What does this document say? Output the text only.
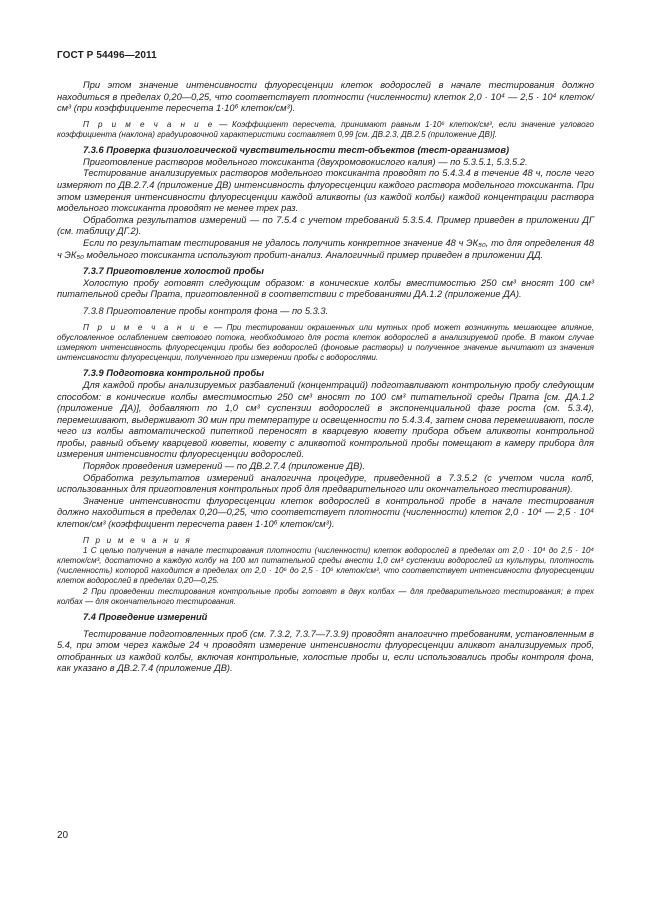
ГОСТ Р 54496—2011

При этом значение интенсивности флуоресценции клеток водорослей в начале тестирования должно находиться в пределах 0,20—0,25, что соответствует плотности (численности) клеток 2,0 · 10⁴ — 2,5 · 10⁴ клеток/см³ (при коэффициенте пересчета 1·10⁶ клеток/см³).

П р и м е ч а н и е — Коэффициент пересчета, принимают равным 1·10⁶ клеток/см³, если значение углового коэффициента (наклона) градуировочной характеристики составляет 0,99 [см. ДВ.2.3, ДВ.2.5 (приложение ДВ)].

7.3.6 Проверка физиологической чувствительности тест-объектов (тест-организмов)

Приготовление растворов модельного токсиканта (двухромовокислого калия) — по 5.3.5.1, 5.3.5.2.

Тестирование анализируемых растворов модельного токсиканта проводят по 5.4.3.4 в течение 48 ч, после чего измеряют по ДВ.2.7.4 (приложение ДВ) интенсивность флуоресценции каждого раствора модельного токсиканта. При этом измерения интенсивности флуоресценции каждой аликвоты (из каждой колбы) каждой концентрации раствора модельного токсиканта проводят не менее трех раз.

Обработка результатов измерений — по 7.5.4 с учетом требований 5.3.5.4. Пример приведен в приложении ДГ (см. таблицу ДГ.2).

Если по результатам тестирования не удалось получить конкретное значение 48 ч ЭК₅₀, то для определения 48 ч ЭК₅₀ модельного токсиканта используют пробит-анализ. Аналогичный пример приведен в приложении ДД.

7.3.7 Приготовление холостой пробы

Холостую пробу готовят следующим образом: в конические колбы вместимостью 250 см³ вносят 100 см³ питательной среды Прата, приготовленной в соответствии с требованиями ДА.1.2 (приложение ДА).

7.3.8 Приготовление пробы контроля фона — по 5.3.3.

П р и м е ч а н и е — При тестировании окрашенных или мутных проб может возникнуть мешающее влияние, обусловленное ослаблением светового потока, необходимого для роста клеток водорослей в анализируемой пробе. В таком случае измеряют интенсивность флуоресценции пробы без водорослей (фоновые растворы) и полученное значение вычитают из значения интенсивности флуоресценции, полученного при измерении пробы с водорослями.

7.3.9 Подготовка контрольной пробы

Для каждой пробы анализируемых разбавлений (концентраций) подготавливают контрольную пробу следующим способом: в конические колбы вместимостью 250 см³ вносят по 100 см³ питательной среды Прата [см. ДА.1.2 (приложение ДА)], добавляют по 1,0 см³ суспензии водорослей в экспоненциальной фазе роста (см. 5.3.4), перемешивают, выдерживают 30 мин при температуре и освещенности по 5.4.3.4, затем снова перемешивают, после чего из колбы автоматической пипеткой переносят в кварцевую кювету прибора объем аликвоты контрольной пробы, равный объему кварцевой кюветы, кювету с аликвотой контрольной пробы помещают в камеру прибора для измерения интенсивности флуоресценции водорослей.

Порядок проведения измерений — по ДВ.2.7.4 (приложение ДВ).

Обработка результатов измерений аналогична процедуре, приведенной в 7.3.5.2 (с учетом числа колб, использованных для приготовления контрольных проб для предварительного или окончательного тестирования).

Значение интенсивности флуоресценции клеток водорослей в контрольной пробе в начале тестирования должно находиться в пределах 0,20—0,25, что соответствует плотности (численности) клеток 2,0 · 10⁴ — 2,5 · 10⁴ клеток/см³ (коэффициент пересчета равен 1·10⁶ клеток/см³).

П р и м е ч а н и я

1 С целью получения в начале тестирования плотности (численности) клеток водорослей в пределах от 2,0 · 10⁴ до 2,5 · 10⁴ клеток/см³, достаточно в каждую колбу на 100 мл питательной среды внести 1,0 см³ суспензии водорослей из культуры, плотность (численность) которой находится в пределах от 2,0 · 10⁶ до 2,5 · 10⁶ клеток/см³, что соответствует интенсивности флуоресценции клеток водорослей в пределах 0,20—0,25.

2 При проведении тестирования контрольные пробы готовят в двух колбах — для предварительного тестирования; в трех колбах — для окончательного тестирования.

7.4 Проведение измерений

Тестирование подготовленных проб (см. 7.3.2, 7.3.7—7.3.9) проводят аналогично требованиям, установленным в 5.4, при этом через каждые 24 ч проводят измерение интенсивности флуоресценции аликвот анализируемых проб, отобранных из каждой колбы, включая контрольные, холостые пробы и, если использовались пробы контроля фона, как указано в ДВ.2.7.4 (приложение ДВ).

20
